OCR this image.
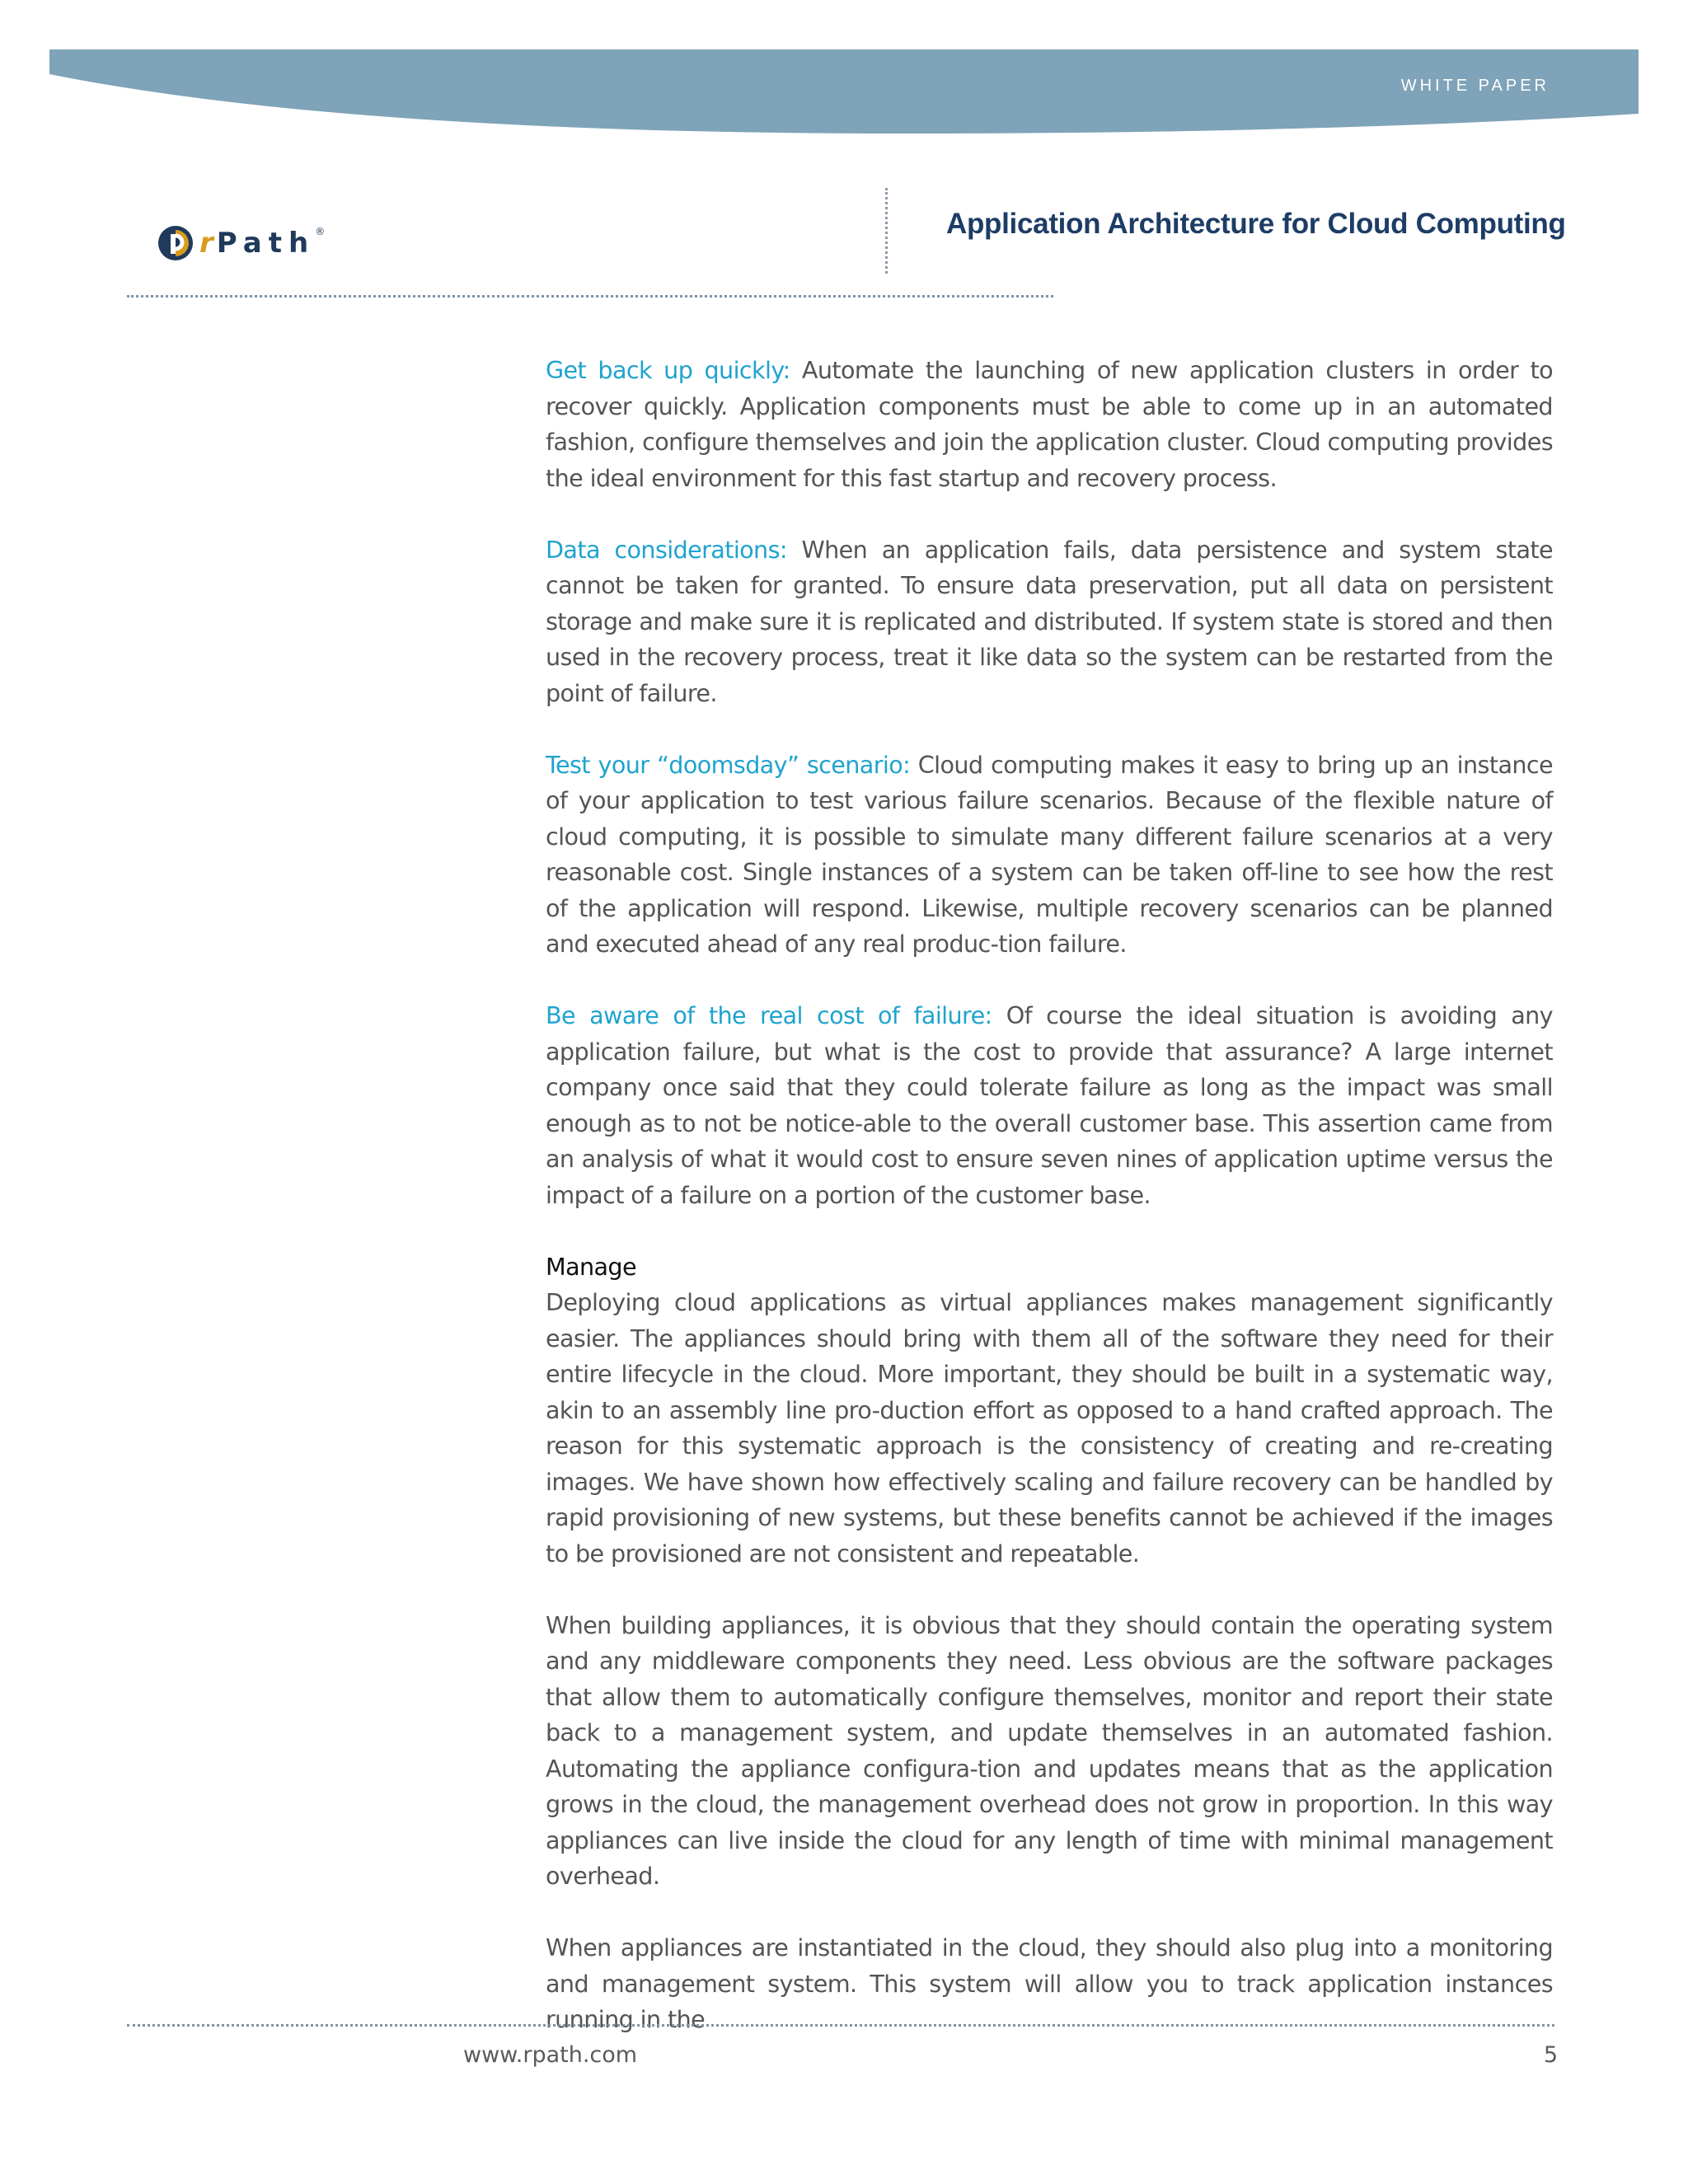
WHITE PAPER
rPath ®	Application Architecture for Cloud Computing

Get back up quickly: Automate the launching of new application clusters in order to recover quickly. Application components must be able to come up in an automated fashion, configure themselves and join the application cluster. Cloud computing provides the ideal environment for this fast startup and recovery process.

Data considerations: When an application fails, data persistence and system state cannot be taken for granted. To ensure data preservation, put all data on persistent storage and make sure it is replicated and distributed. If system state is stored and then used in the recovery process, treat it like data so the system can be restarted from the point of failure.

Test your “doomsday” scenario: Cloud computing makes it easy to bring up an instance of your application to test various failure scenarios. Because of the flexible nature of cloud computing, it is possible to simulate many different failure scenarios at a very reasonable cost. Single instances of a system can be taken off-line to see how the rest of the application will respond. Likewise, multiple recovery scenarios can be planned and executed ahead of any real produc-tion failure.

Be aware of the real cost of failure: Of course the ideal situation is avoiding any application failure, but what is the cost to provide that assurance? A large internet company once said that they could tolerate failure as long as the impact was small enough as to not be notice-able to the overall customer base. This assertion came from an analysis of what it would cost to ensure seven nines of application uptime versus the impact of a failure on a portion of the customer base.

Manage
Deploying cloud applications as virtual appliances makes management significantly easier. The appliances should bring with them all of the software they need for their entire lifecycle in the cloud. More important, they should be built in a systematic way, akin to an assembly line pro-duction effort as opposed to a hand crafted approach. The reason for this systematic approach is the consistency of creating and re-creating images. We have shown how effectively scaling and failure recovery can be handled by rapid provisioning of new systems, but these benefits cannot be achieved if the images to be provisioned are not consistent and repeatable.

When building appliances, it is obvious that they should contain the operating system and any middleware components they need. Less obvious are the software packages that allow them to automatically configure themselves, monitor and report their state back to a management system, and update themselves in an automated fashion. Automating the appliance configura-tion and updates means that as the application grows in the cloud, the management overhead does not grow in proportion. In this way appliances can live inside the cloud for any length of time with minimal management overhead.

When appliances are instantiated in the cloud, they should also plug into a monitoring and management system. This system will allow you to track application instances running in the

www.rpath.com	5
